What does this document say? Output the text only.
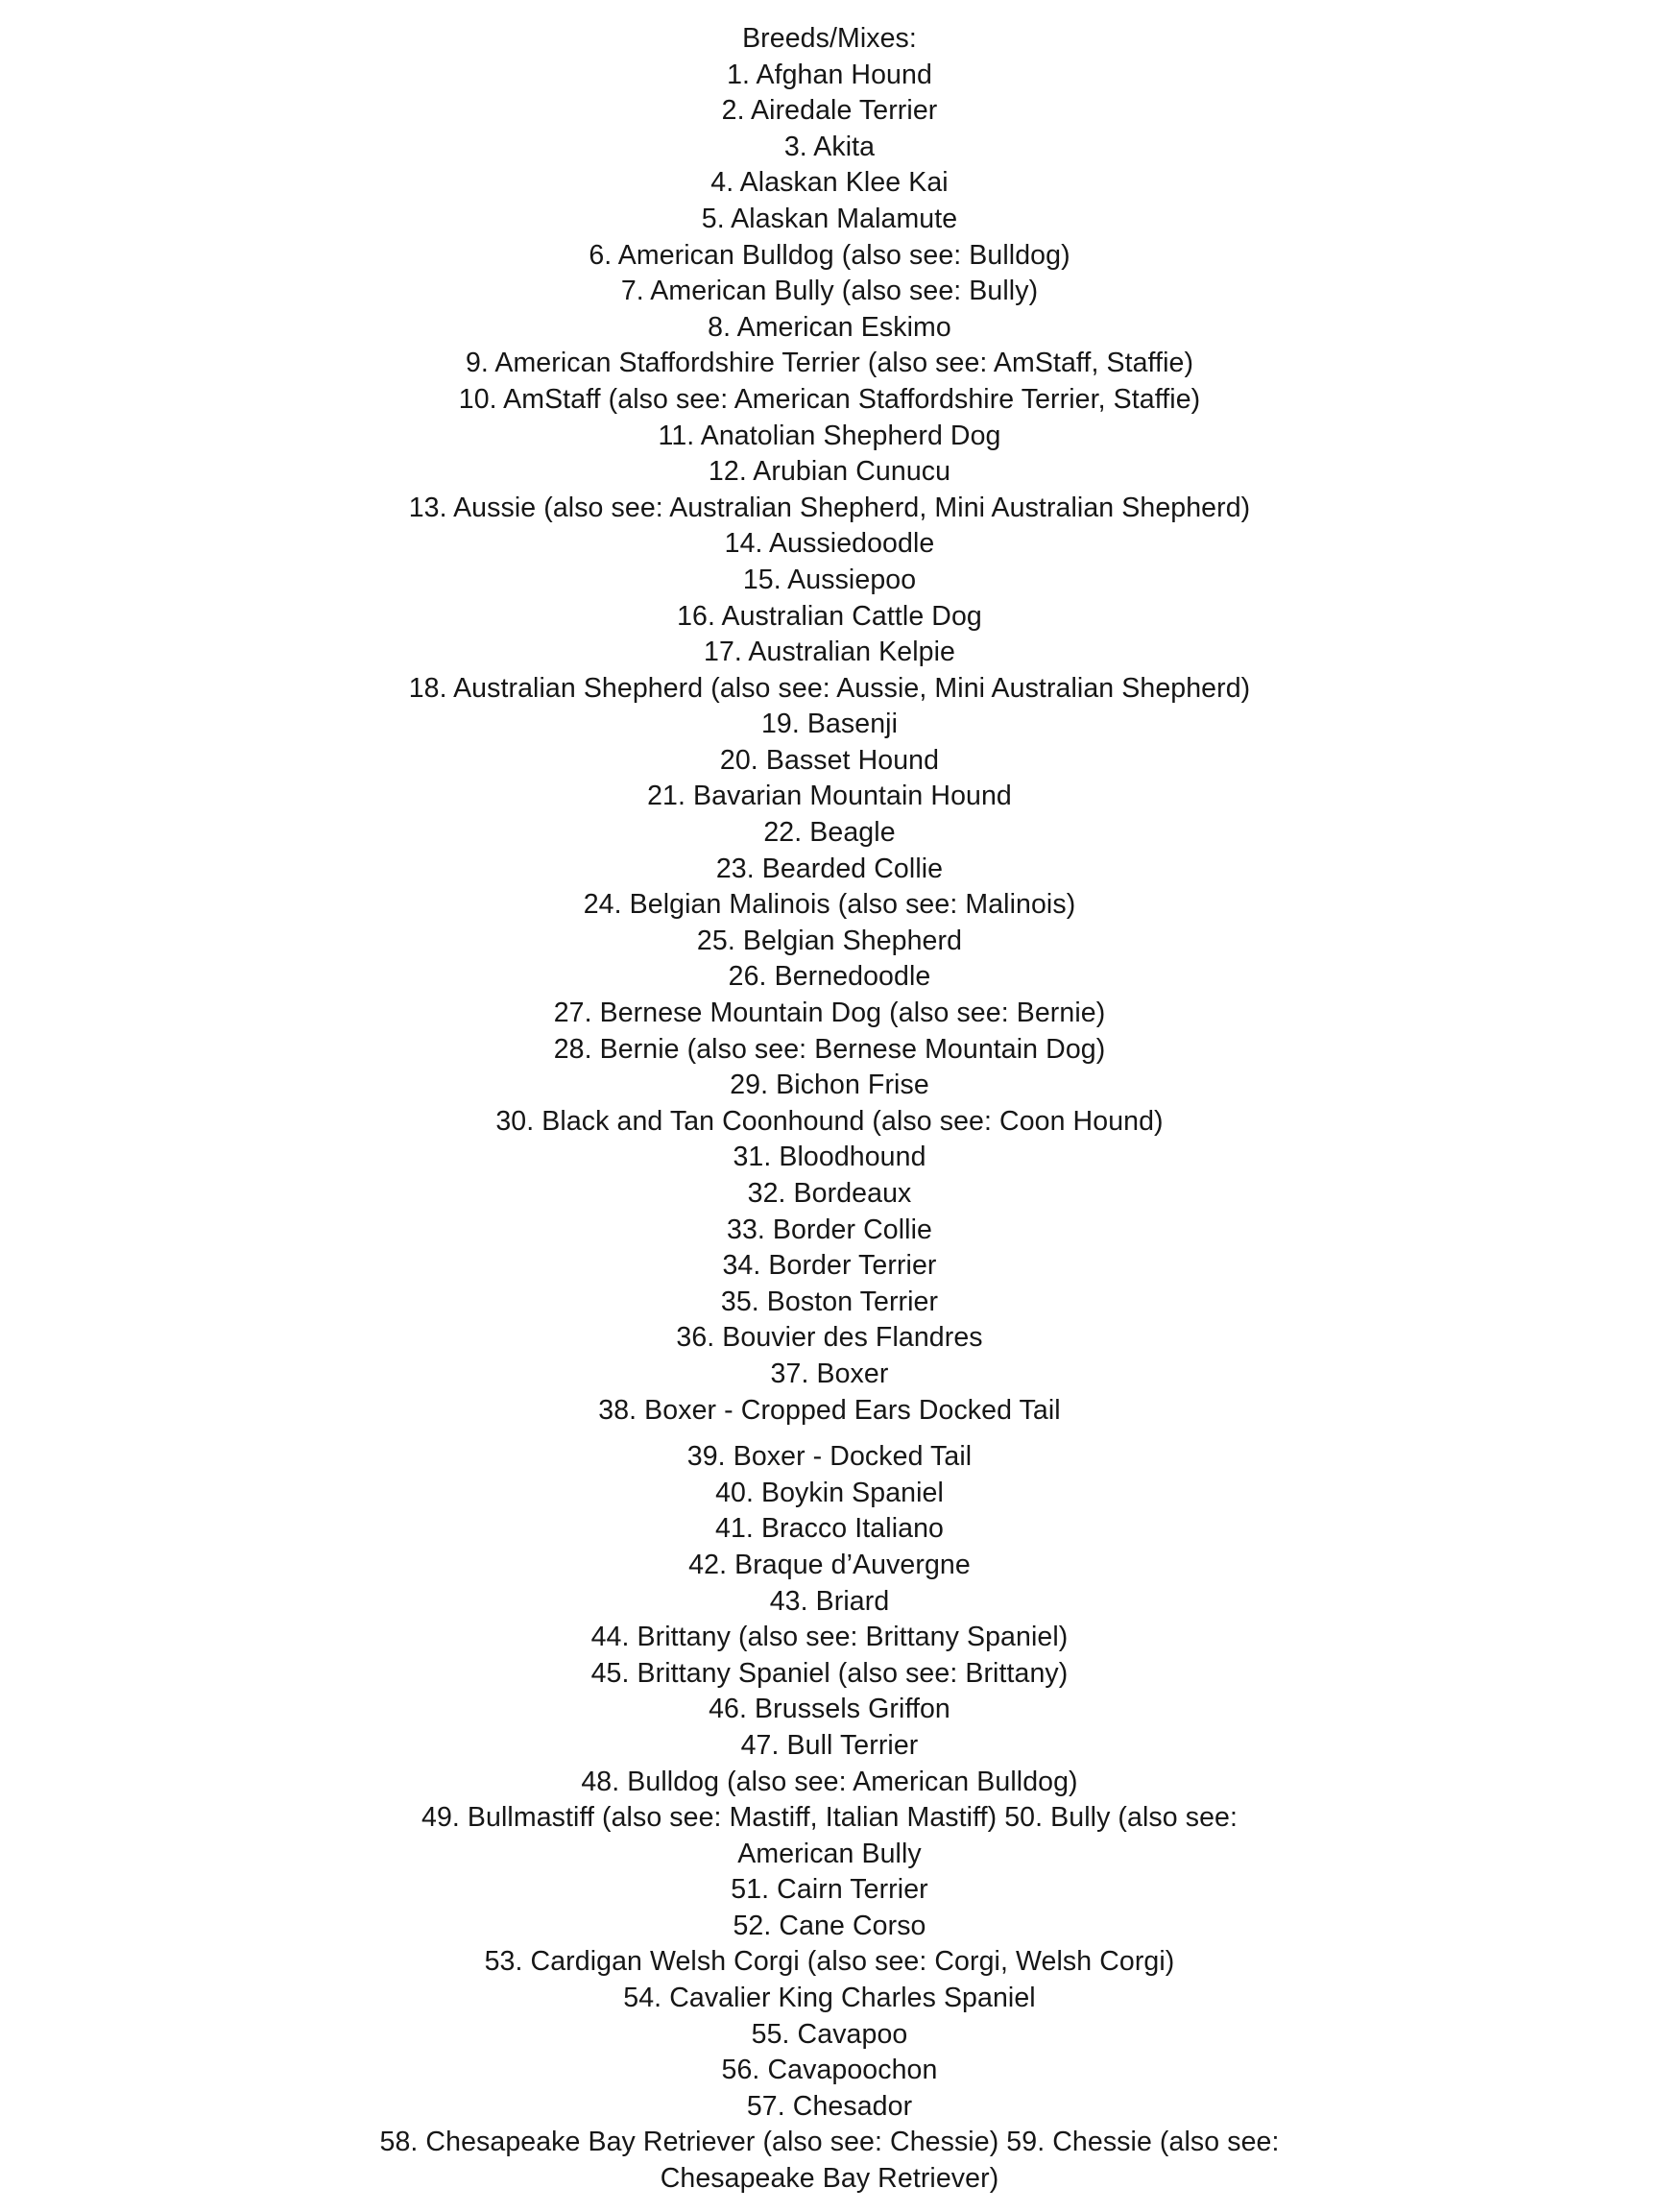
Breeds/Mixes:
1. Afghan Hound
2. Airedale Terrier
3. Akita
4. Alaskan Klee Kai
5. Alaskan Malamute
6. American Bulldog (also see: Bulldog)
7. American Bully (also see: Bully)
8. American Eskimo
9. American Staffordshire Terrier (also see: AmStaff, Staffie)
10. AmStaff (also see: American Staffordshire Terrier, Staffie)
11. Anatolian Shepherd Dog
12. Arubian Cunucu
13. Aussie (also see: Australian Shepherd, Mini Australian Shepherd)
14. Aussiedoodle
15. Aussiepoo
16. Australian Cattle Dog
17. Australian Kelpie
18. Australian Shepherd (also see: Aussie, Mini Australian Shepherd)
19. Basenji
20. Basset Hound
21. Bavarian Mountain Hound
22. Beagle
23. Bearded Collie
24. Belgian Malinois (also see: Malinois)
25. Belgian Shepherd
26. Bernedoodle
27. Bernese Mountain Dog (also see: Bernie)
28. Bernie (also see: Bernese Mountain Dog)
29. Bichon Frise
30. Black and Tan Coonhound (also see: Coon Hound)
31. Bloodhound
32. Bordeaux
33. Border Collie
34. Border Terrier
35. Boston Terrier
36. Bouvier des Flandres
37. Boxer
38. Boxer - Cropped Ears Docked Tail
39. Boxer - Docked Tail
40. Boykin Spaniel
41. Bracco Italiano
42. Braque d’Auvergne
43. Briard
44. Brittany (also see: Brittany Spaniel)
45. Brittany Spaniel (also see: Brittany)
46. Brussels Griffon
47. Bull Terrier
48. Bulldog (also see: American Bulldog)
49. Bullmastiff (also see: Mastiff, Italian Mastiff) 50. Bully (also see:
American Bully
51. Cairn Terrier
52. Cane Corso
53. Cardigan Welsh Corgi (also see: Corgi, Welsh Corgi)
54. Cavalier King Charles Spaniel
55. Cavapoo
56. Cavapoochon
57. Chesador
58. Chesapeake Bay Retriever (also see: Chessie) 59. Chessie (also see:
Chesapeake Bay Retriever)
